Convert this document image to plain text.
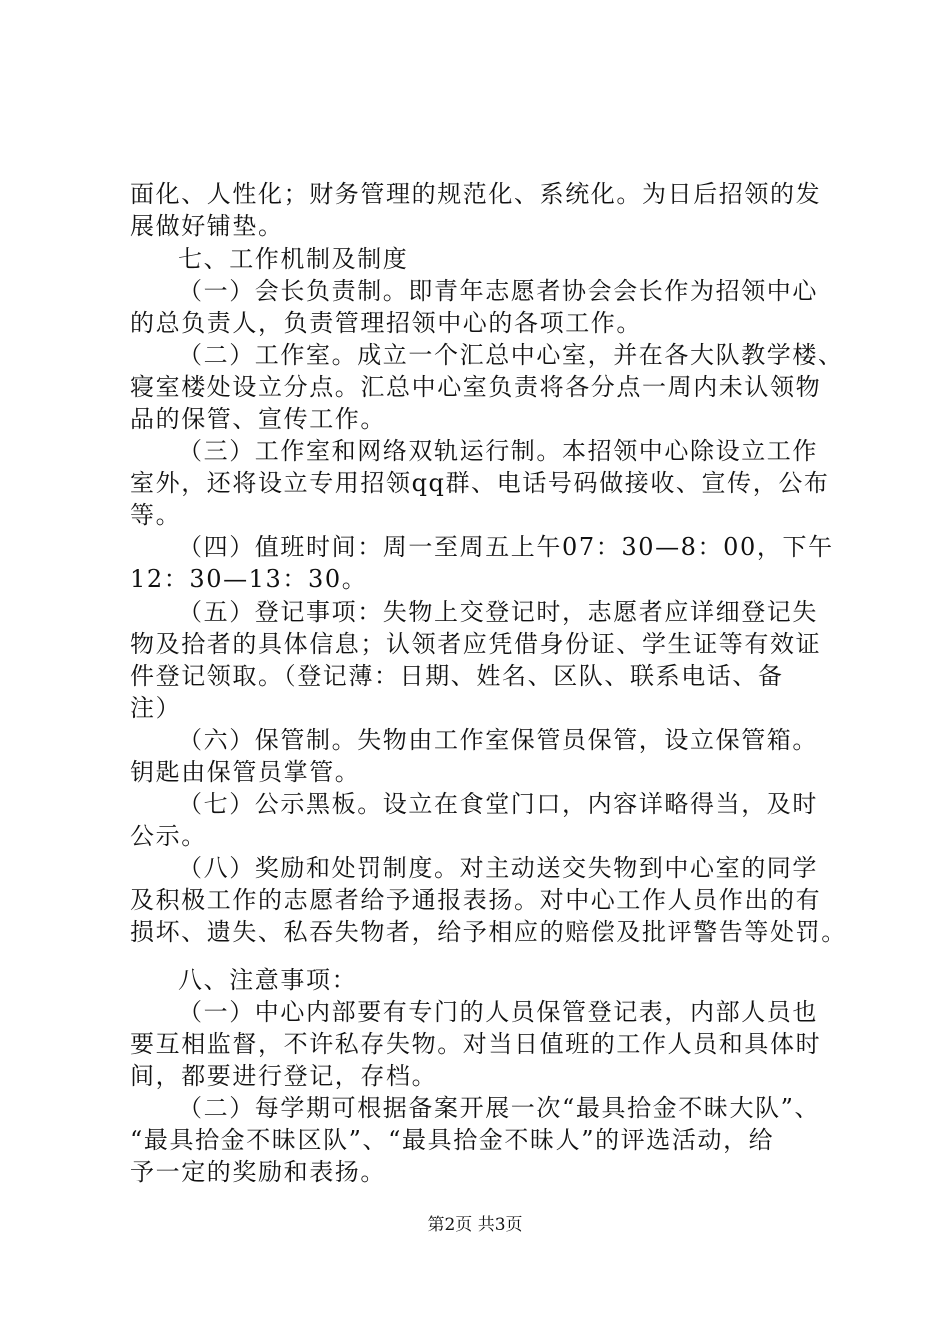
面化、人性化；财务管理的规范化、系统化。为日后招领的发
展做好铺垫。
七、工作机制及制度
（一）会长负责制。即青年志愿者协会会长作为招领中心
的总负责人，负责管理招领中心的各项工作。
（二）工作室。成立一个汇总中心室，并在各大队教学楼、
寝室楼处设立分点。汇总中心室负责将各分点一周内未认领物
品的保管、宣传工作。
（三）工作室和网络双轨运行制。本招领中心除设立工作
室外，还将设立专用招领qq群、电话号码做接收、宣传，公布
等。
（四）值班时间：周一至周五上午07：30—8：00，下午
12：30—13：30。
（五）登记事项：失物上交登记时，志愿者应详细登记失
物及拾者的具体信息；认领者应凭借身份证、学生证等有效证
件登记领取。（登记薄：日期、姓名、区队、联系电话、备
注）
（六）保管制。失物由工作室保管员保管，设立保管箱。
钥匙由保管员掌管。
（七）公示黑板。设立在食堂门口，内容详略得当，及时
公示。
（八）奖励和处罚制度。对主动送交失物到中心室的同学
及积极工作的志愿者给予通报表扬。对中心工作人员作出的有
损坏、遗失、私吞失物者，给予相应的赔偿及批评警告等处罚。
八、注意事项：
（一）中心内部要有专门的人员保管登记表，内部人员也
要互相监督，不许私存失物。对当日值班的工作人员和具体时
间，都要进行登记，存档。
（二）每学期可根据备案开展一次“最具拾金不昧大队”、
“最具拾金不昧区队”、“最具拾金不昧人”的评选活动，给
予一定的奖励和表扬。
第2页 共3页
